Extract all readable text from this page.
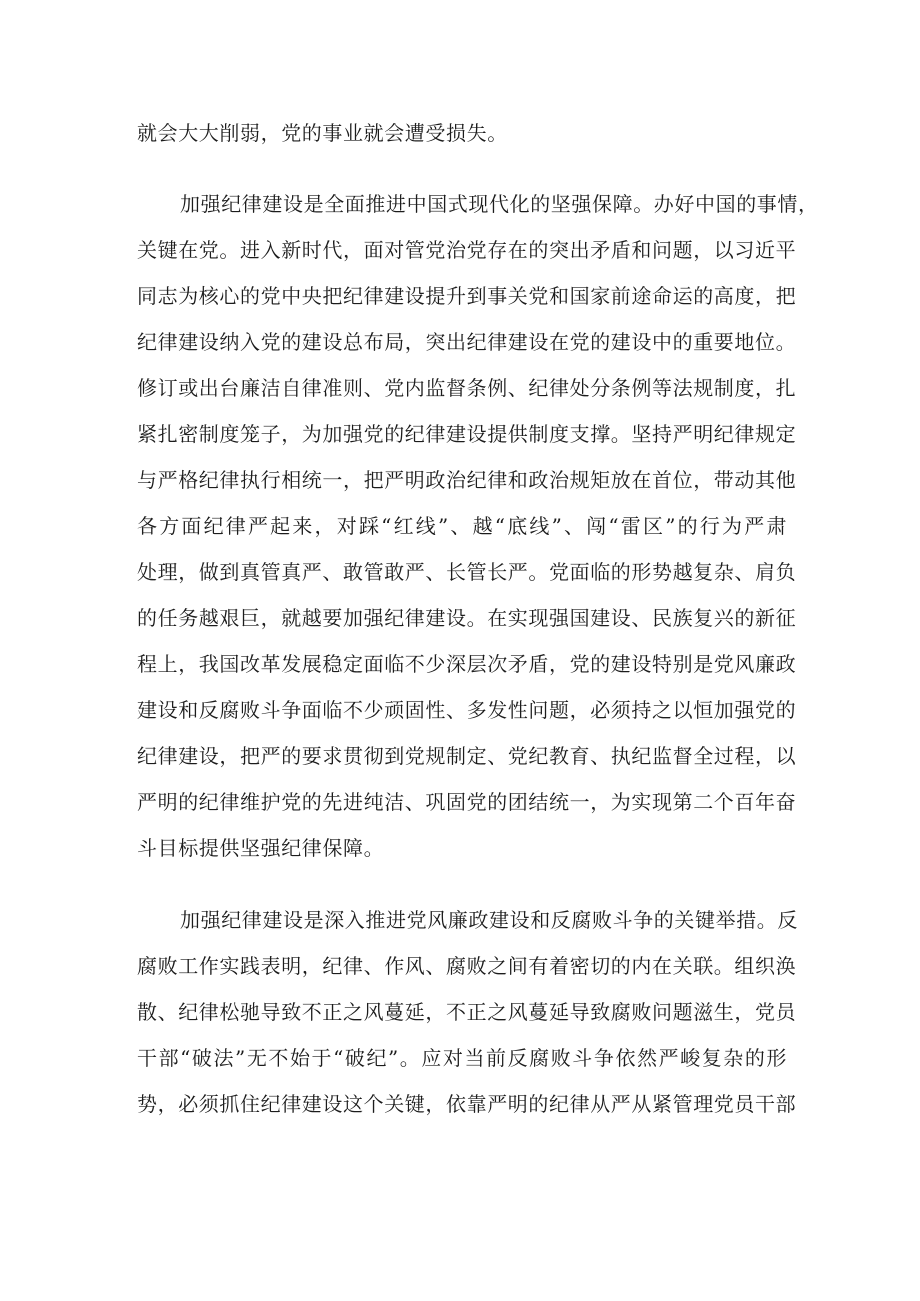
就会大大削弱，党的事业就会遭受损失。
加强纪律建设是全面推进中国式现代化的坚强保障。办好中国的事情，
关键在党。进入新时代，面对管党治党存在的突出矛盾和问题，以习近平
同志为核心的党中央把纪律建设提升到事关党和国家前途命运的高度，把
纪律建设纳入党的建设总布局，突出纪律建设在党的建设中的重要地位。
修订或出台廉洁自律准则、党内监督条例、纪律处分条例等法规制度，扎
紧扎密制度笼子，为加强党的纪律建设提供制度支撑。坚持严明纪律规定
与严格纪律执行相统一，把严明政治纪律和政治规矩放在首位，带动其他
各方面纪律严起来，对踩“红线”、越“底线”、闯“雷区”的行为严肃
处理，做到真管真严、敢管敢严、长管长严。党面临的形势越复杂、肩负
的任务越艰巨，就越要加强纪律建设。在实现强国建设、民族复兴的新征
程上，我国改革发展稳定面临不少深层次矛盾，党的建设特别是党风廉政
建设和反腐败斗争面临不少顽固性、多发性问题，必须持之以恒加强党的
纪律建设，把严的要求贯彻到党规制定、党纪教育、执纪监督全过程，以
严明的纪律维护党的先进纯洁、巩固党的团结统一，为实现第二个百年奋
斗目标提供坚强纪律保障。
加强纪律建设是深入推进党风廉政建设和反腐败斗争的关键举措。反
腐败工作实践表明，纪律、作风、腐败之间有着密切的内在关联。组织涣
散、纪律松驰导致不正之风蔓延，不正之风蔓延导致腐败问题滋生，党员
干部“破法”无不始于“破纪”。应对当前反腐败斗争依然严峻复杂的形
势，必须抓住纪律建设这个关键，依靠严明的纪律从严从紧管理党员干部
